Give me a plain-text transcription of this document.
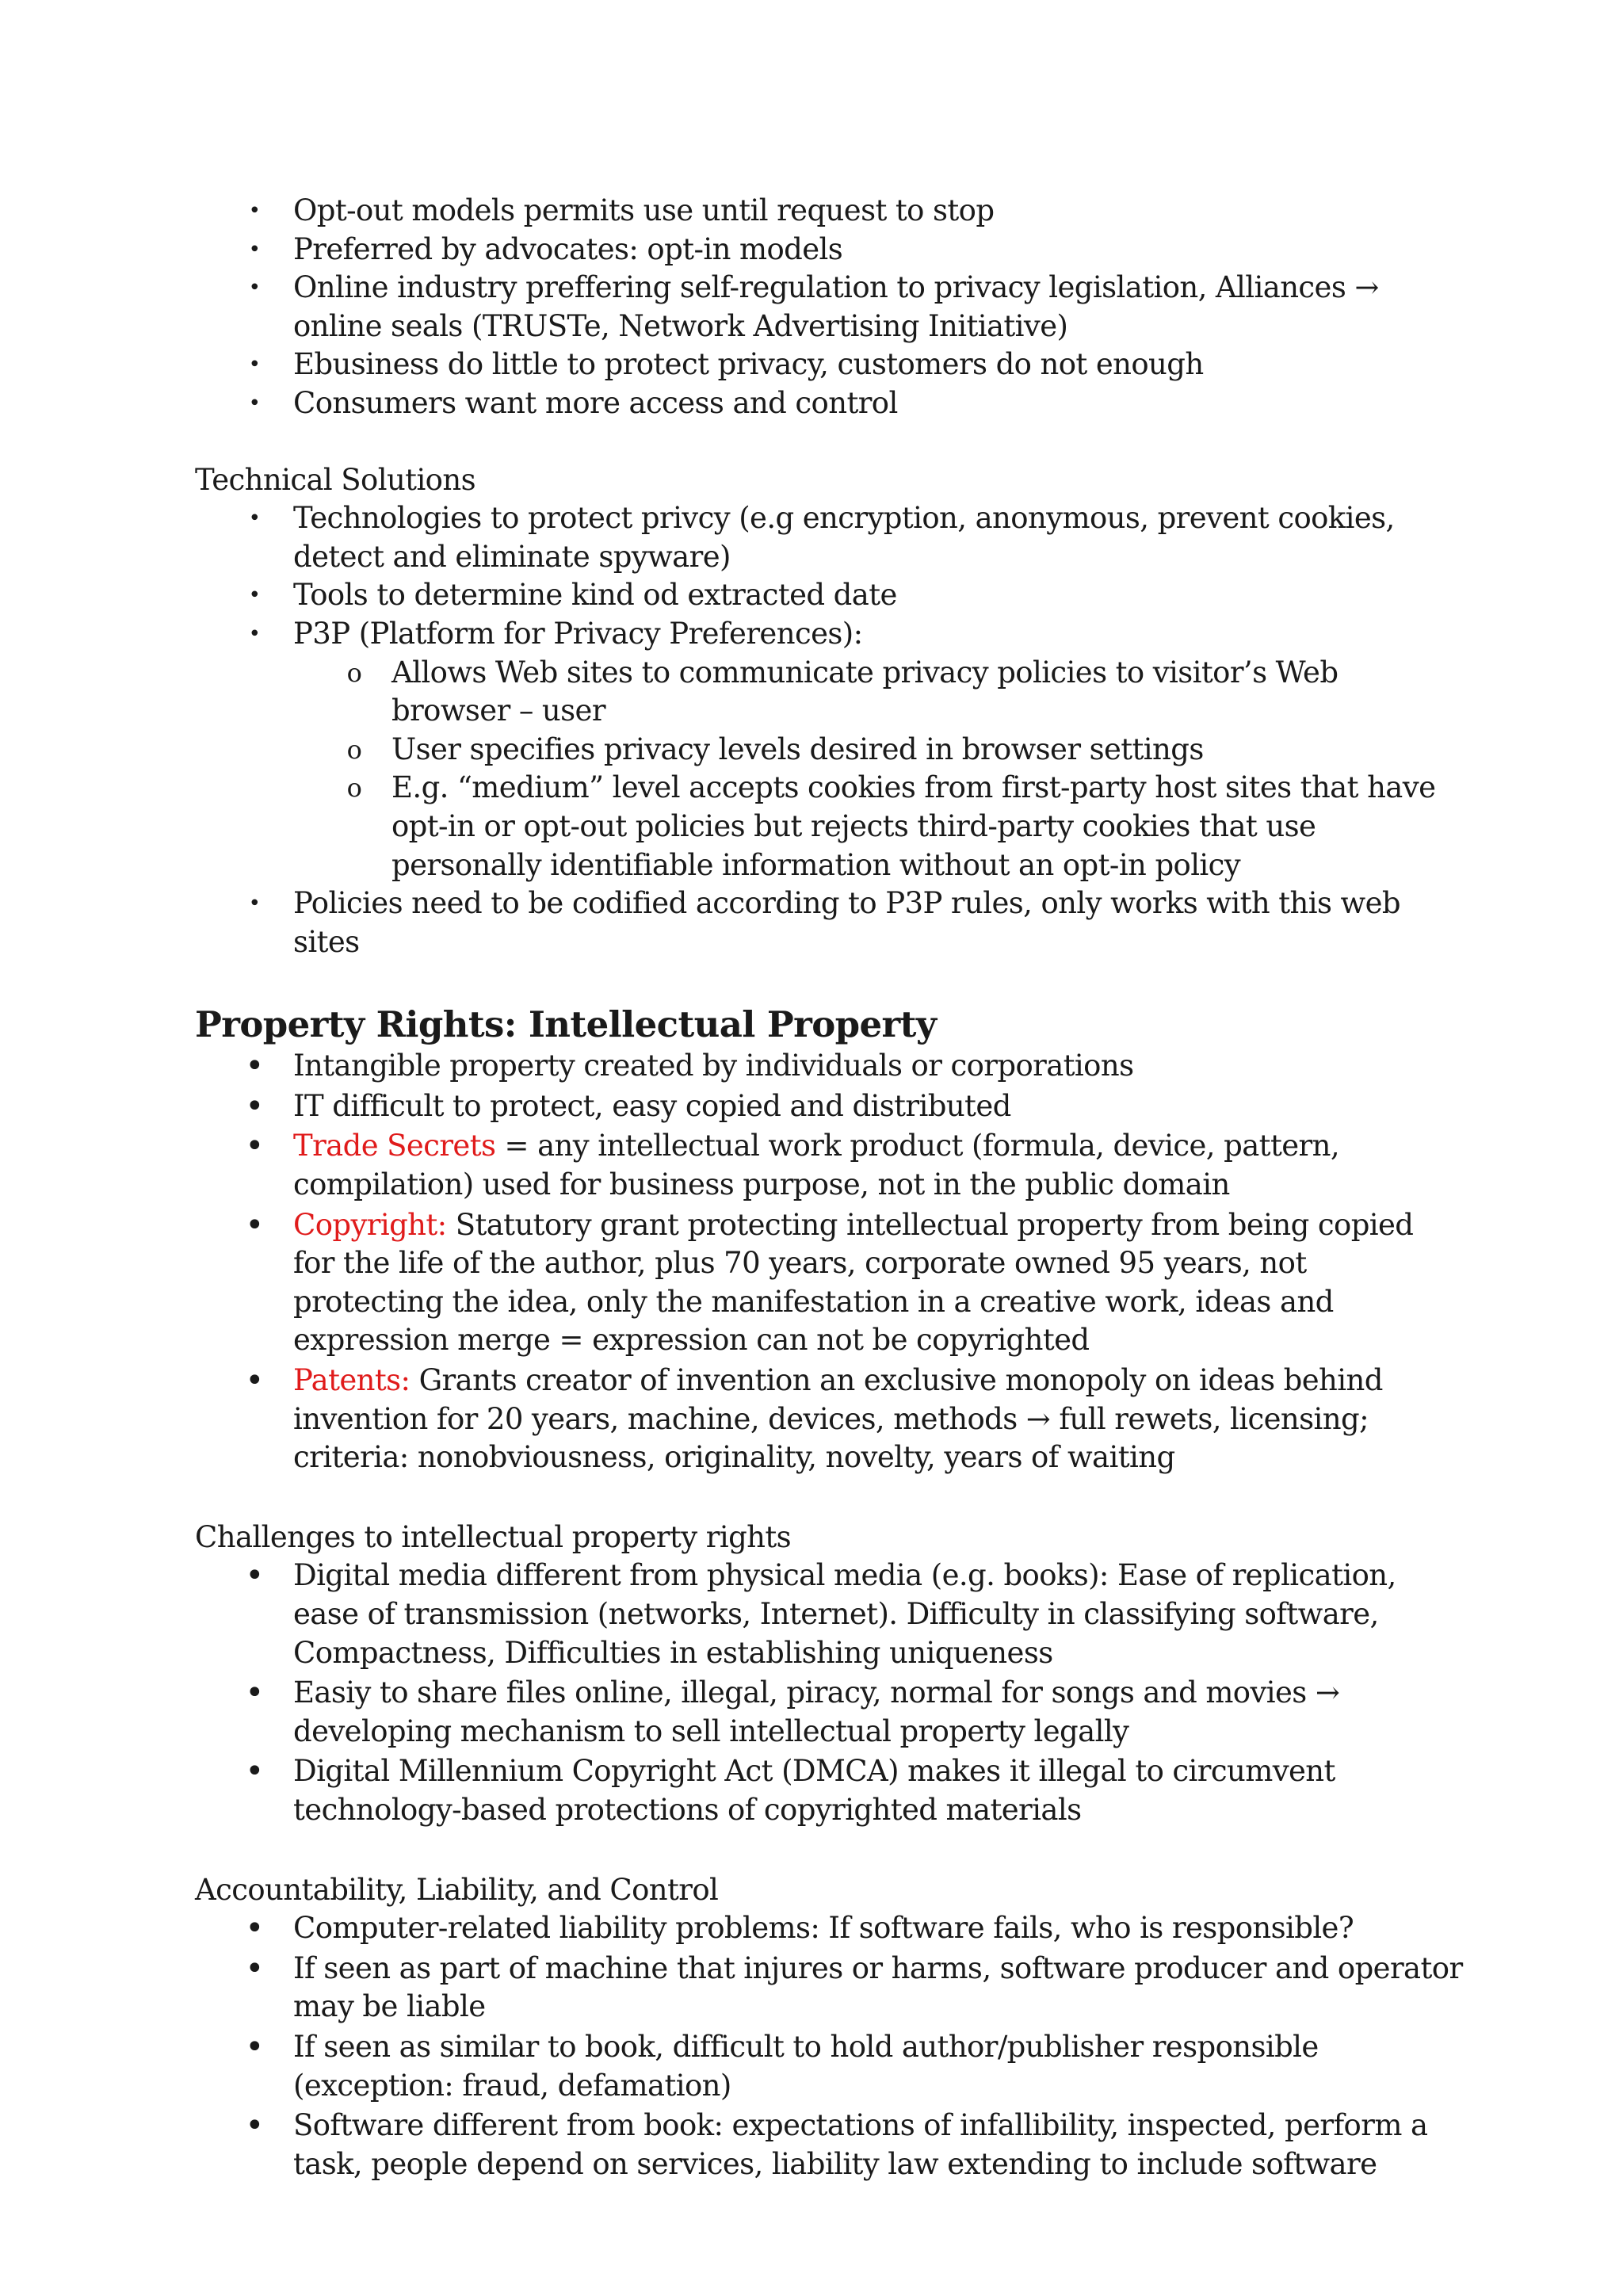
• Opt-out models permits use until request to stop
• Preferred by advocates: opt-in models
• Online industry preffering self-regulation to privacy legislation, Alliances → online seals (TRUSTe, Network Advertising Initiative)
• Ebusiness do little to protect privacy, customers do not enough
• Consumers want more access and control

Technical Solutions

• Technologies to protect privcy (e.g encryption, anonymous, prevent cookies, detect and eliminate spyware)
• Tools to determine kind od extracted date
• P3P (Platform for Privacy Preferences):
o Allows Web sites to communicate privacy policies to visitor’s Web browser – user
o User specifies privacy levels desired in browser settings
o E.g. “medium” level accepts cookies from first-party host sites that have opt-in or opt-out policies but rejects third-party cookies that use personally identifiable information without an opt-in policy
• Policies need to be codified according to P3P rules, only works with this web sites

Property Rights: Intellectual Property

• Intangible property created by individuals or corporations
• IT difficult to protect, easy copied and distributed
• Trade Secrets = any intellectual work product (formula, device, pattern, compilation) used for business purpose, not in the public domain
• Copyright: Statutory grant protecting intellectual property from being copied for the life of the author, plus 70 years, corporate owned 95 years, not protecting the idea, only the manifestation in a creative work, ideas and expression merge = expression can not be copyrighted
• Patents: Grants creator of invention an exclusive monopoly on ideas behind invention for 20 years, machine, devices, methods → full rewets, licensing; criteria: nonobviousness, originality, novelty, years of waiting

Challenges to intellectual property rights

• Digital media different from physical media (e.g. books): Ease of replication, ease of transmission (networks, Internet). Difficulty in classifying software, Compactness, Difficulties in establishing uniqueness
• Easiy to share files online, illegal, piracy, normal for songs and movies → developing mechanism to sell intellectual property legally
• Digital Millennium Copyright Act (DMCA) makes it illegal to circumvent technology-based protections of copyrighted materials

Accountability, Liability, and Control

• Computer-related liability problems: If software fails, who is responsible?
• If seen as part of machine that injures or harms, software producer and operator may be liable
• If seen as similar to book, difficult to hold author/publisher responsible (exception: fraud, defamation)
• Software different from book: expectations of infallibility, inspected, perform a task, people depend on services, liability law extending to include software
